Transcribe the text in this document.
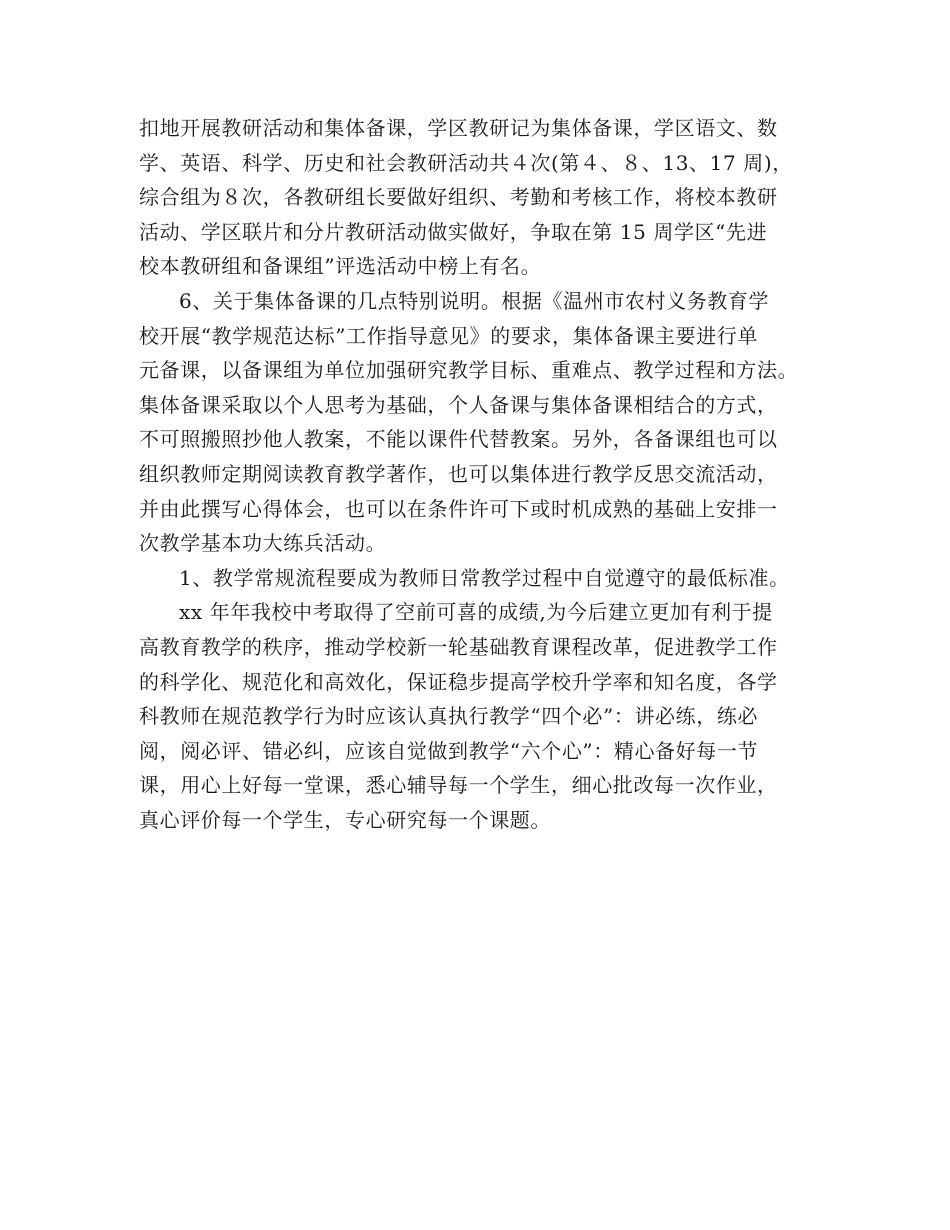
扣地开展教研活动和集体备课，学区教研记为集体备课，学区语文、数
学、英语、科学、历史和社会教研活动共４次(第４、８、13、17 周)，
综合组为８次，各教研组长要做好组织、考勤和考核工作，将校本教研
活动、学区联片和分片教研活动做实做好，争取在第 15 周学区“先进
校本教研组和备课组”评选活动中榜上有名。
6、关于集体备课的几点特别说明。根据《温州市农村义务教育学
校开展“教学规范达标”工作指导意见》的要求，集体备课主要进行单
元备课，以备课组为单位加强研究教学目标、重难点、教学过程和方法。
集体备课采取以个人思考为基础，个人备课与集体备课相结合的方式，
不可照搬照抄他人教案，不能以课件代替教案。另外，各备课组也可以
组织教师定期阅读教育教学著作，也可以集体进行教学反思交流活动，
并由此撰写心得体会，也可以在条件许可下或时机成熟的基础上安排一
次教学基本功大练兵活动。
1、教学常规流程要成为教师日常教学过程中自觉遵守的最低标准。
xx 年年我校中考取得了空前可喜的成绩,为今后建立更加有利于提
高教育教学的秩序，推动学校新一轮基础教育课程改革，促进教学工作
的科学化、规范化和高效化，保证稳步提高学校升学率和知名度，各学
科教师在规范教学行为时应该认真执行教学“四个必”：讲必练，练必
阅，阅必评、错必纠，应该自觉做到教学“六个心”：精心备好每一节
课，用心上好每一堂课，悉心辅导每一个学生，细心批改每一次作业，
真心评价每一个学生，专心研究每一个课题。
